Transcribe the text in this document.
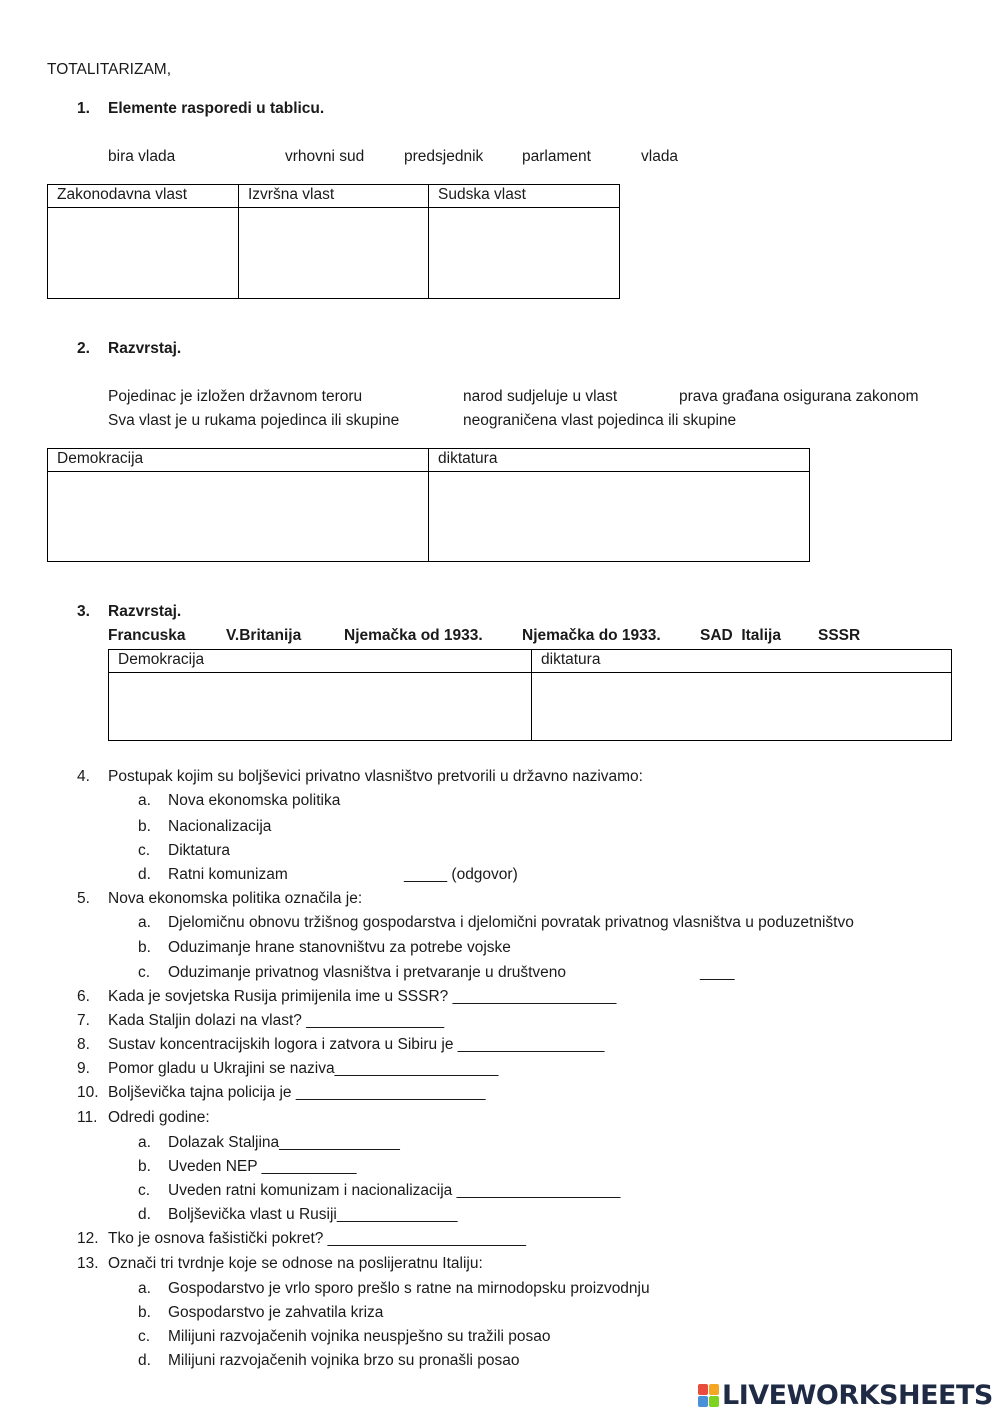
TOTALITARIZAM,
1. Elemente rasporedi u tablicu.
bira vlada	vrhovni sud	predsjednik parlament	vlada
Zakonodavna vlast	Izvršna vlast	Sudska vlast

2. Razvrstaj.
Pojedinac je izložen državnom teroru	narod sudjeluje u vlast	prava građana osigurana zakonom
Sva vlast je u rukama pojedinca ili skupine	neograničena vlast pojedinca ili skupine
Demokracija	diktatura

3. Razvrstaj.
Francuska	V.Britanija	Njemačka od 1933.	Njemačka do 1933.	SAD  Italija SSSR
Demokracija	diktatura

4. Postupak kojim su boljševici privatno vlasništvo pretvorili u državno nazivamo:
a. Nova ekonomska politika
b. Nacionalizacija
c. Diktatura
d. Ratni komunizam	_____ (odgovor)
5. Nova ekonomska politika označila je:
a. Djelomičnu obnovu tržišnog gospodarstva i djelomični povratak privatnog vlasništva u poduzetništvo
b. Oduzimanje hrane stanovništvu za potrebe vojske
c. Oduzimanje privatnog vlasništva i pretvaranje u društveno	____
6. Kada je sovjetska Rusija primijenila ime u SSSR? ___________________
7. Kada Staljin dolazi na vlast? ________________
8. Sustav koncentracijskih logora i zatvora u Sibiru je _________________
9. Pomor gladu u Ukrajini se naziva___________________
10. Boljševička tajna policija je ______________________
11. Odredi godine:
a. Dolazak Staljina______________
b. Uveden NEP ___________
c. Uveden ratni komunizam i nacionalizacija ___________________
d. Boljševička vlast u Rusiji______________
12. Tko je osnova fašistički pokret? _______________________
13. Označi tri tvrdnje koje se odnose na poslijeratnu Italiju:
a. Gospodarstvo je vrlo sporo prešlo s ratne na mirnodopsku proizvodnju
b. Gospodarstvo je zahvatila kriza
c. Milijuni razvojačenih vojnika neuspješno su tražili posao
d. Milijuni razvojačenih vojnika brzo su pronašli posao
LIVEWORKSHEETS
